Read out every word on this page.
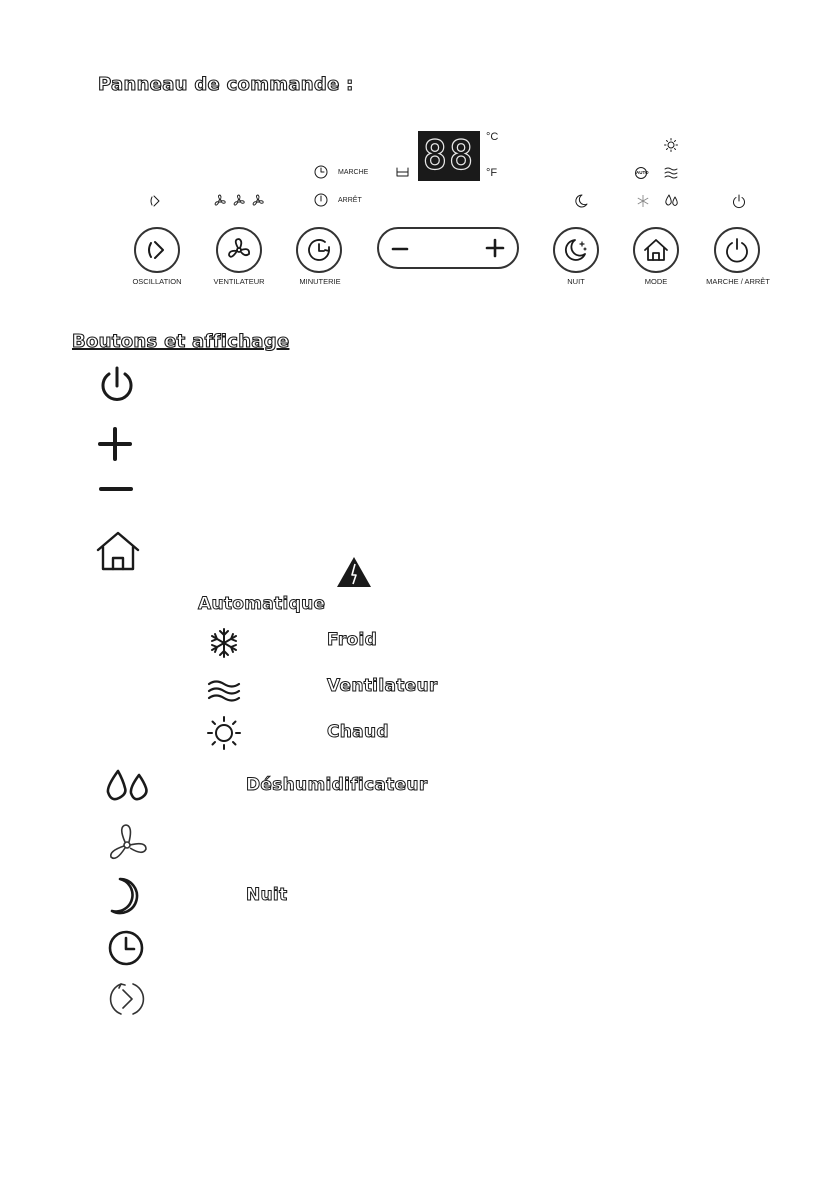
Panneau de commande :
MARCHE
ARRÊT
88 °C
°F	AUTO
OSCILLATION	VENTILATEUR	MINUTERIE	NUIT	MODE	MARCHE / ARRÊT
Boutons et affichage
Automatique
Froid
Ventilateur
Chaud
Déshumidificateur
Nuit
